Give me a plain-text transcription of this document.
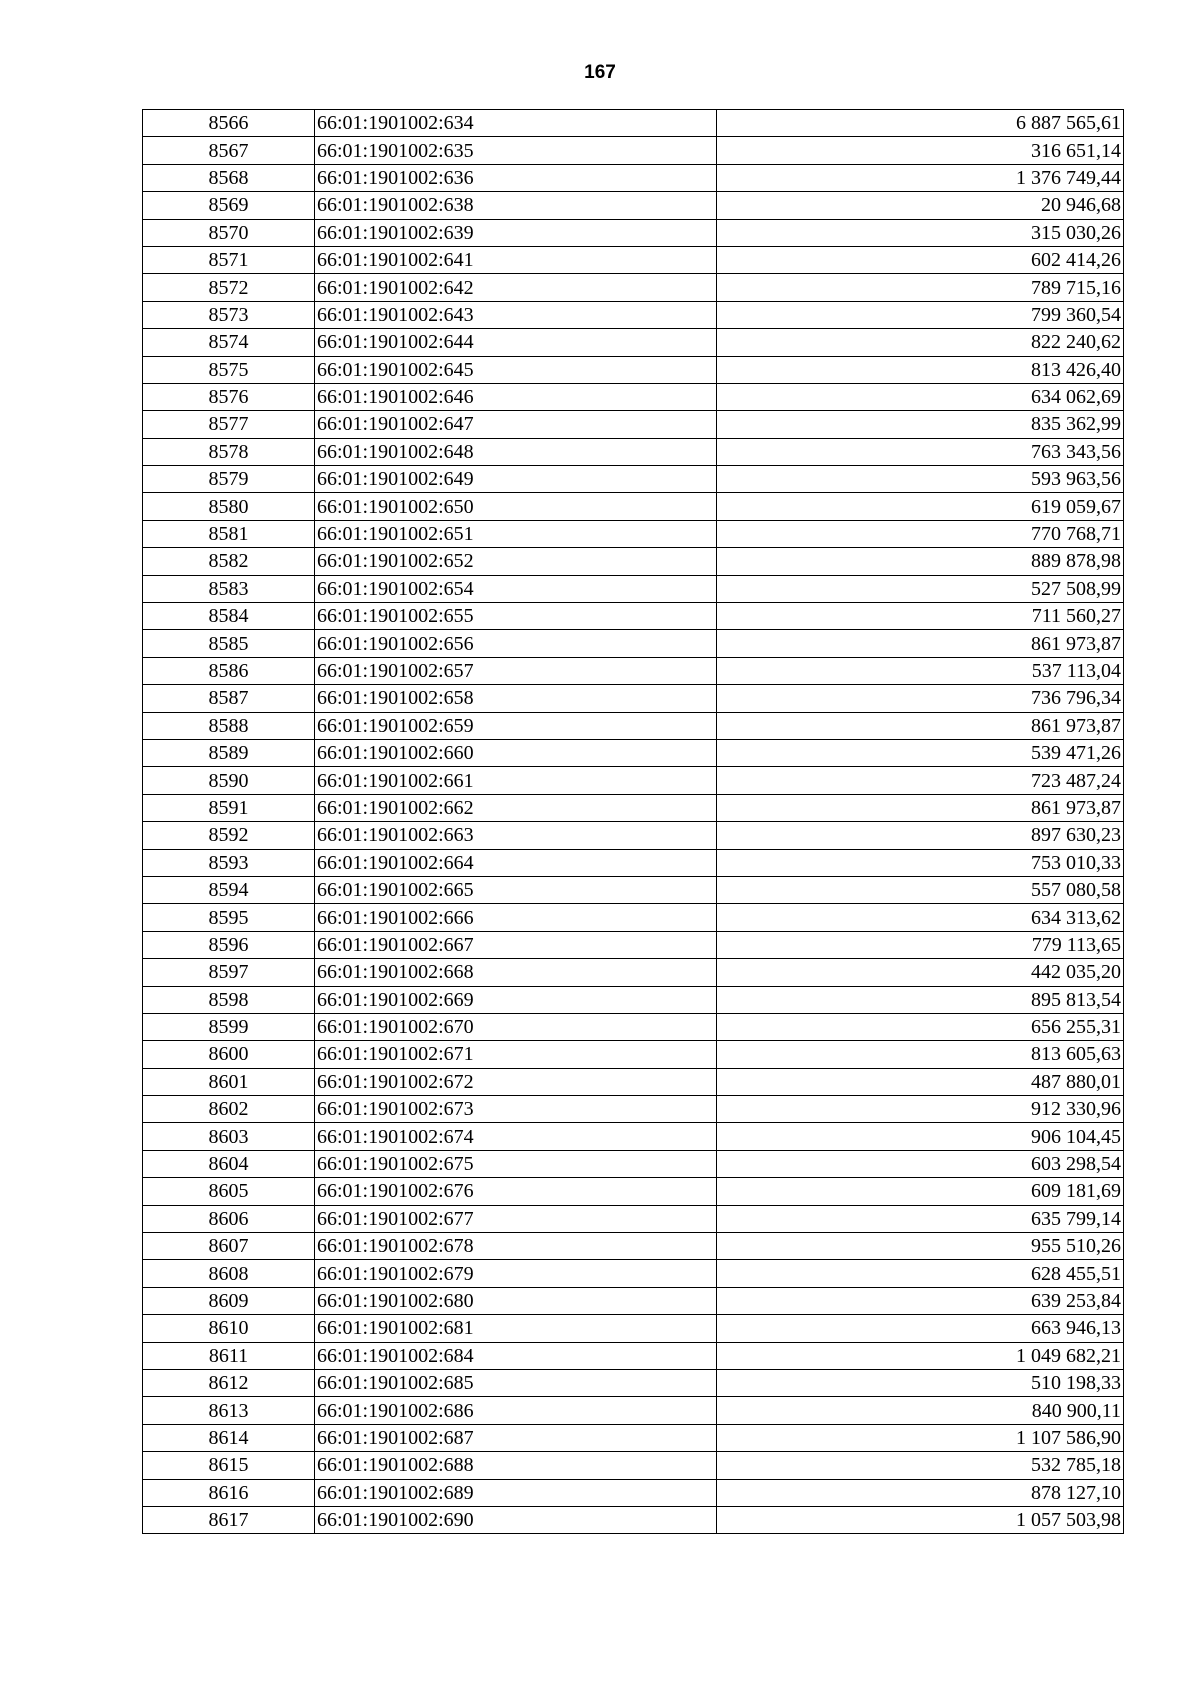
167
8566	66:01:1901002:634	6 887 565,61
8567	66:01:1901002:635	316 651,14
8568	66:01:1901002:636	1 376 749,44
8569	66:01:1901002:638	20 946,68
8570	66:01:1901002:639	315 030,26
8571	66:01:1901002:641	602 414,26
8572	66:01:1901002:642	789 715,16
8573	66:01:1901002:643	799 360,54
8574	66:01:1901002:644	822 240,62
8575	66:01:1901002:645	813 426,40
8576	66:01:1901002:646	634 062,69
8577	66:01:1901002:647	835 362,99
8578	66:01:1901002:648	763 343,56
8579	66:01:1901002:649	593 963,56
8580	66:01:1901002:650	619 059,67
8581	66:01:1901002:651	770 768,71
8582	66:01:1901002:652	889 878,98
8583	66:01:1901002:654	527 508,99
8584	66:01:1901002:655	711 560,27
8585	66:01:1901002:656	861 973,87
8586	66:01:1901002:657	537 113,04
8587	66:01:1901002:658	736 796,34
8588	66:01:1901002:659	861 973,87
8589	66:01:1901002:660	539 471,26
8590	66:01:1901002:661	723 487,24
8591	66:01:1901002:662	861 973,87
8592	66:01:1901002:663	897 630,23
8593	66:01:1901002:664	753 010,33
8594	66:01:1901002:665	557 080,58
8595	66:01:1901002:666	634 313,62
8596	66:01:1901002:667	779 113,65
8597	66:01:1901002:668	442 035,20
8598	66:01:1901002:669	895 813,54
8599	66:01:1901002:670	656 255,31
8600	66:01:1901002:671	813 605,63
8601	66:01:1901002:672	487 880,01
8602	66:01:1901002:673	912 330,96
8603	66:01:1901002:674	906 104,45
8604	66:01:1901002:675	603 298,54
8605	66:01:1901002:676	609 181,69
8606	66:01:1901002:677	635 799,14
8607	66:01:1901002:678	955 510,26
8608	66:01:1901002:679	628 455,51
8609	66:01:1901002:680	639 253,84
8610	66:01:1901002:681	663 946,13
8611	66:01:1901002:684	1 049 682,21
8612	66:01:1901002:685	510 198,33
8613	66:01:1901002:686	840 900,11
8614	66:01:1901002:687	1 107 586,90
8615	66:01:1901002:688	532 785,18
8616	66:01:1901002:689	878 127,10
8617	66:01:1901002:690	1 057 503,98
